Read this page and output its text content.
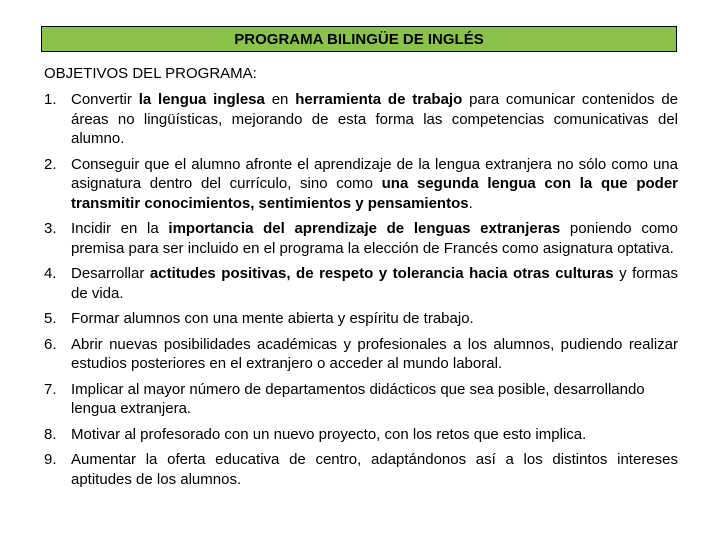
PROGRAMA BILINGÜE DE INGLÉS
OBJETIVOS DEL PROGRAMA:
1. Convertir la lengua inglesa en herramienta de trabajo para comunicar contenidos de áreas no lingüísticas, mejorando de esta forma las competencias comunicativas del alumno.
2. Conseguir que el alumno afronte el aprendizaje de la lengua extranjera no sólo como una asignatura dentro del currículo, sino como una segunda lengua con la que poder transmitir conocimientos, sentimientos y pensamientos.
3. Incidir en la importancia del aprendizaje de lenguas extranjeras poniendo como premisa para ser incluido en el programa la elección de Francés como asignatura optativa.
4. Desarrollar actitudes positivas, de respeto y tolerancia hacia otras culturas y formas de vida.
5. Formar alumnos con una mente abierta y espíritu de trabajo.
6. Abrir nuevas posibilidades académicas y profesionales a los alumnos, pudiendo realizar estudios posteriores en el extranjero o acceder al mundo laboral.
7. Implicar al mayor número de departamentos didácticos que sea posible, desarrollando
lengua extranjera.
8. Motivar al profesorado con un nuevo proyecto, con los retos que esto implica.
9. Aumentar la oferta educativa de centro, adaptándonos así a los distintos intereses aptitudes de los alumnos.
